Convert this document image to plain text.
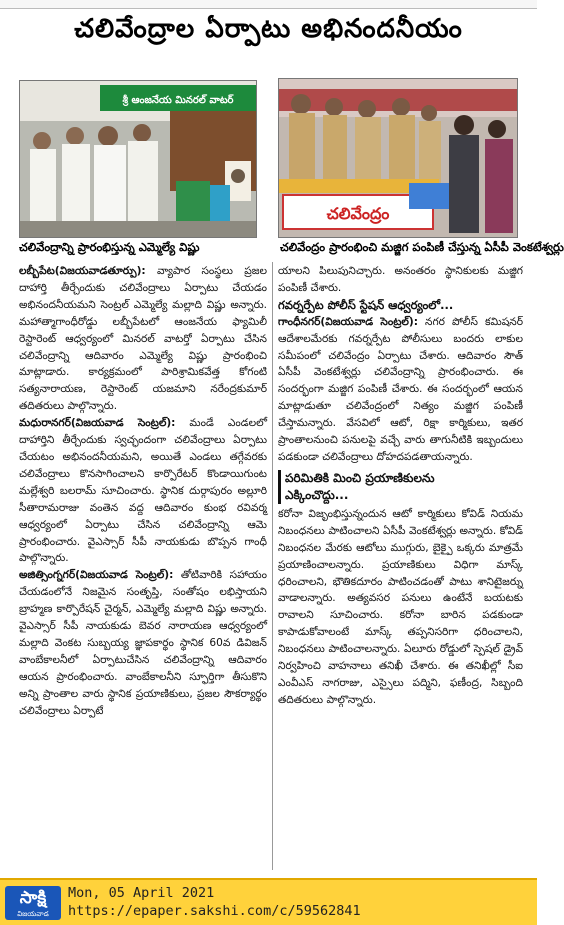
చలివేంద్రాల ఏర్పాటు అభినందనీయం
శ్రీ ఆంజనేయ మినరల్ వాటర్
చలివేంద్రం
చలివేంద్రాన్ని ప్రారంభిస్తున్న ఎమ్మెల్యే విష్ణు	చలివేంద్రం ప్రారంభించి మజ్జిగ పంపిణీ చేస్తున్న ఏసీపీ వెంకటేశ్వర్లు

లబ్బీపేట(విజయవాడతూర్పు): వ్యాపార సంస్థలు ప్రజల దాహార్తి తీర్చేందుకు చలివేంద్రాలు ఏర్పాటు చేయడం అభినందనీయమని సెంట్రల్ ఎమ్మెల్యే మల్లాది విష్ణు అన్నారు. మహాత్మాగాంధీరోడ్డు లబ్బీపేటలో ఆంజనేయ ఫ్యామిలీ రెస్టారెంట్ ఆధ్వర్యంలో మినరల్ వాటర్తో ఏర్పాటు చేసిన చలివేంద్రాన్ని ఆదివారం ఎమ్మెల్యే విష్ణు ప్రారంభించి మాట్లాడారు. కార్యక్రమంలో పారిశ్రామికవేత్త కోగంటి సత్యనారాయణ, రెస్టారెంట్ యజమాని నరేంద్రకుమార్ తదితరులు పాల్గొన్నారు.

మధురానగర్(విజయవాడ సెంట్రల్): మండే ఎండలలో దాహార్తిని తీర్చేందుకు స్వచ్ఛందంగా చలివేంద్రాలు ఏర్పాటు చేయటం అభినందనీయమని, అయితే ఎండలు తగ్గేవరకు చలివేంద్రాలు కొనసాగించాలని కార్పొరేటర్ కొండాయిగుంట మల్లేశ్వరి బలరామ్ సూచించారు. స్థానిక దుర్గాపురం అల్లూరి సీతారామరాజు వంతెన వద్ద ఆదివారం కుంభ రవివర్మ ఆధ్వర్యంలో ఏర్పాటు చేసిన చలివేంద్రాన్ని ఆమె ప్రారంభించారు. వైఎస్సార్ సీపీ నాయకుడు బొప్పన గాంధీ పాల్గొన్నారు.

అజిత్సింగ్నగర్(విజయవాడ సెంట్రల్): తోటివారికి సహాయం చేయడంలోనే నిజమైన సంతృప్తి, సంతోషం లభిస్తాయని బ్రాహ్మణ కార్పొరేషన్ చైర్మన్, ఎమ్మెల్యే మల్లాది విష్ణు అన్నారు. వైఎస్సార్ సీపీ నాయకుడు బెవర నారాయణ ఆధ్వర్యంలో మల్లాది వెంకట సుబ్బయ్య జ్ఞాపకార్థం స్థానిక 60వ డివిజన్ వాంబేకాలనీలో ఏర్పాటుచేసిన చలివేంద్రాన్ని ఆదివారం ఆయన ప్రారంభించారు. వాంబేకాలనీని స్ఫూర్తిగా తీసుకొని అన్ని ప్రాంతాల వారు స్థానిక ప్రయాణికులు, ప్రజల సౌకర్యార్థం చలివేంద్రాలు ఏర్పాటే

యాలని పిలుపునిచ్చారు. అనంతరం స్థానికులకు మజ్జిగ పంపిణీ చేశారు.

గవర్నర్పేట పోలీస్ స్టేషన్ ఆధ్వర్యంలో...

గాంధీనగర్(విజయవాడ సెంట్రల్): నగర పోలీస్ కమిషనర్ ఆదేశాలమేరకు గవర్నర్పేట పోలీసులు బందరు లాకుల సమీపంలో చలివేంద్రం ఏర్పాటు చేశారు. ఆదివారం సౌత్ ఏసీపీ వెంకటేశ్వర్లు చలివేంద్రాన్ని ప్రారంభించారు. ఈ సందర్భంగా మజ్జిగ పంపిణీ చేశారు. ఈ సందర్భంలో ఆయన మాట్లాడుతూ చలివేంద్రంలో నిత్యం మజ్జిగ పంపిణీ చేస్తామన్నారు. వేసవిలో ఆటో, రిక్షా కార్మికులు, ఇతర ప్రాంతాలనుంచి పనులపై వచ్చే వారు తాగునీటికి ఇబ్బందులు పడకుండా చలివేంద్రాలు దోహదపడతాయన్నారు.

పరిమితికి మించి ప్రయాణికులను
ఎక్కించొద్దు...

కరోనా విజృంభిస్తున్నందున ఆటో కార్మికులు కోవిడ్ నియమ నిబంధనలు పాటించాలని ఏసీపీ వెంకటేశ్వర్లు అన్నారు. కోవిడ్ నిబంధనల మేరకు ఆటోలు ముగ్గురు, బైక్పై ఒక్కరు మాత్రమే ప్రయాణించాలన్నారు. ప్రయాణికులు విధిగా మాస్క్ ధరించాలని, భౌతికదూరం పాటించడంతో పాటు శానిటైజర్ను వాడాలన్నారు. అత్యవసర పనులు ఉంటేనే బయటకు రావాలని సూచించారు. కరోనా బారిన పడకుండా కాపాడుకోవాలంటే మాస్క్ తప్పనిసరిగా ధరించాలని, నిబంధనలు పాటించాలన్నారు. ఏలూరు రోడ్డులో స్పెషల్ డ్రైవ్ నిర్వహించి వాహనాలు తనిఖీ చేశారు. ఈ తనిఖీల్లో సీఐ ఎంవీఎస్ నాగరాజు, ఎస్సైలు పద్మిని, ఫణీంద్ర, సిబ్బంది తదితరులు పాల్గొన్నారు.

సాక్షి
విజయవాడ
Mon, 05 April 2021
https://epaper.sakshi.com/c/59562841
